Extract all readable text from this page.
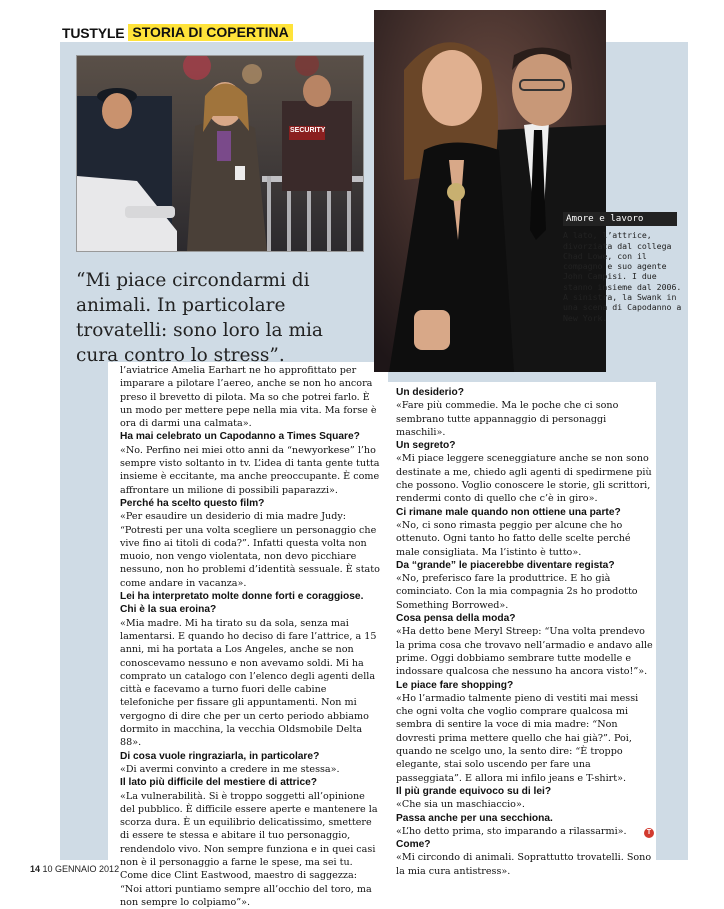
TUSTYLE STORIA DI COPERTINA
SECURITY
“Mi piace circondarmi di animali. In particolare trovatelli: sono loro la mia cura contro lo stress”.
Amore e lavoro
A lato, l’attrice, divorziata dal collega Chad Lowe, con il compagno e suo agente John Campisi. I due stanno insieme dal 2006. A sinistra, la Swank in una scena di Capodanno a New York.

l’aviatrice Amelia Earhart ne ho approfittato per imparare a pilotare l’aereo, anche se non ho ancora preso il brevetto di pilota. Ma so che potrei farlo. È un modo per mettere pepe nella mia vita. Ma forse è ora di darmi una calmata».

Ha mai celebrato un Capodanno a Times Square?

«No. Perfino nei miei otto anni da “newyorkese” l’ho sempre visto soltanto in tv. L’idea di tanta gente tutta insieme è eccitante, ma anche preoccupante. È come affrontare un milione di possibili paparazzi».

Perché ha scelto questo film?

«Per esaudire un desiderio di mia madre Judy: “Potresti per una volta scegliere un personaggio che vive fino ai titoli di coda?”. Infatti questa volta non muoio, non vengo violentata, non devo picchiare nessuno, non ho problemi d’identità sessuale. È stato come andare in vacanza».

Lei ha interpretato molte donne forti e coraggiose. Chi è la sua eroina?

«Mia madre. Mi ha tirato su da sola, senza mai lamentarsi. E quando ho deciso di fare l’attrice, a 15 anni, mi ha portata a Los Angeles, anche se non conoscevamo nessuno e non avevamo soldi. Mi ha comprato un catalogo con l’elenco degli agenti della città e facevamo a turno fuori delle cabine telefoniche per fissare gli appuntamenti. Non mi vergogno di dire che per un certo periodo abbiamo dormito in macchina, la vecchia Oldsmobile Delta 88».

Di cosa vuole ringraziarla, in particolare?

«Di avermi convinto a credere in me stessa».

Il lato più difficile del mestiere di attrice?

«La vulnerabilità. Si è troppo soggetti all’opinione del pubblico. È difficile essere aperte e mantenere la scorza dura. È un equilibrio delicatissimo, smettere di essere te stessa e abitare il tuo personaggio, rendendolo vivo. Non sempre funziona e in quei casi non è il personaggio a farne le spese, ma sei tu. Come dice Clint Eastwood, maestro di saggezza: “Noi attori puntiamo sempre all’occhio del toro, ma non sempre lo colpiamo”».

Un desiderio?

«Fare più commedie. Ma le poche che ci sono sembrano tutte appannaggio di personaggi maschili».

Un segreto?

«Mi piace leggere sceneggiature anche se non sono destinate a me, chiedo agli agenti di spedirmene più che possono. Voglio conoscere le storie, gli scrittori, rendermi conto di quello che c’è in giro».

Ci rimane male quando non ottiene una parte?

«No, ci sono rimasta peggio per alcune che ho ottenuto. Ogni tanto ho fatto delle scelte perché male consigliata. Ma l’istinto è tutto».

Da “grande” le piacerebbe diventare regista?

«No, preferisco fare la produttrice. E ho già cominciato. Con la mia compagnia 2s ho prodotto Something Borrowed».

Cosa pensa della moda?

«Ha detto bene Meryl Streep: “Una volta prendevo la prima cosa che trovavo nell’armadio e andavo alle prime. Oggi dobbiamo sembrare tutte modelle e indossare qualcosa che nessuno ha ancora visto!”».

Le piace fare shopping?

«Ho l’armadio talmente pieno di vestiti mai messi che ogni volta che voglio comprare qualcosa mi sembra di sentire la voce di mia madre: “Non dovresti prima mettere quello che hai già?”. Poi, quando ne scelgo uno, la sento dire: “È troppo elegante, stai solo uscendo per fare una passeggiata”. E allora mi infilo jeans e T-shirt».

Il più grande equivoco su di lei?

«Che sia un maschiaccio».

Passa anche per una secchiona.

«L’ho detto prima, sto imparando a rilassarmi».

Come?

«Mi circondo di animali. Soprattutto trovatelli. Sono la mia cura antistress».

T
14 10 GENNAIO 2012
